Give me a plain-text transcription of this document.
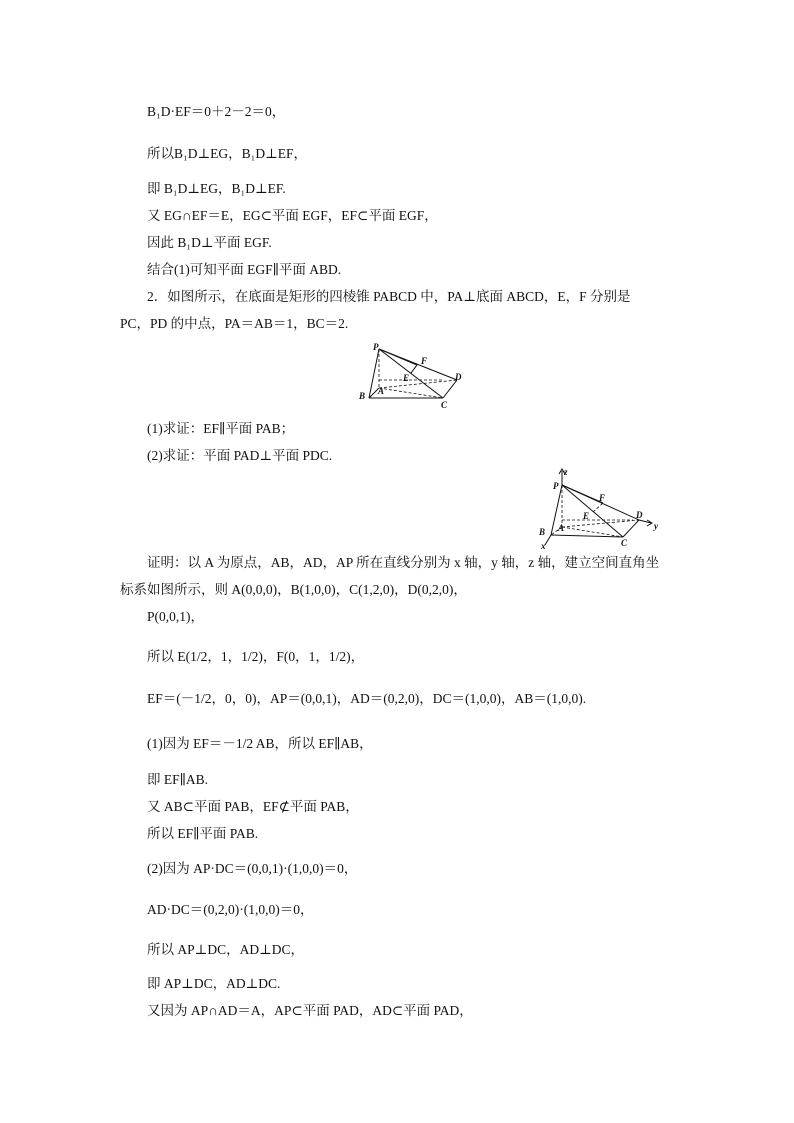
B₁D·EF＝0＋2－2＝0，
所以B₁D⊥EG，B₁D⊥EF，
即 B₁D⊥EG，B₁D⊥EF.
又 EG∩EF＝E，EG⊂平面 EGF，EF⊂平面 EGF，
因此 B₁D⊥平面 EGF.
结合(1)可知平面 EGF∥平面 ABD.
2．如图所示，在底面是矩形的四棱锥 PABCD 中，PA⊥底面 ABCD，E，F 分别是
PC，PD 的中点，PA＝AB＝1，BC＝2.
P
F
E	D
A
B
C
(1)求证：EF∥平面 PAB；
(2)求证：平面 PAD⊥平面 PDC.
z
P
F
E	D
y
A
B
C
x
证明：以 A 为原点，AB，AD，AP 所在直线分别为 x 轴，y 轴，z 轴，建立空间直角坐
标系如图所示，则 A(0,0,0)，B(1,0,0)，C(1,2,0)，D(0,2,0)，
P(0,0,1)，
所以 E(1/2，1，1/2)，F(0，1，1/2)，
EF＝(－1/2，0，0)，AP＝(0,0,1)，AD＝(0,2,0)，DC＝(1,0,0)，AB＝(1,0,0).
(1)因为 EF＝－1/2 AB，所以 EF∥AB，
即 EF∥AB.
又 AB⊂平面 PAB，EF⊄平面 PAB，
所以 EF∥平面 PAB.
(2)因为 AP·DC＝(0,0,1)·(1,0,0)＝0，
AD·DC＝(0,2,0)·(1,0,0)＝0，
所以 AP⊥DC，AD⊥DC，
即 AP⊥DC，AD⊥DC.
又因为 AP∩AD＝A，AP⊂平面 PAD，AD⊂平面 PAD，
